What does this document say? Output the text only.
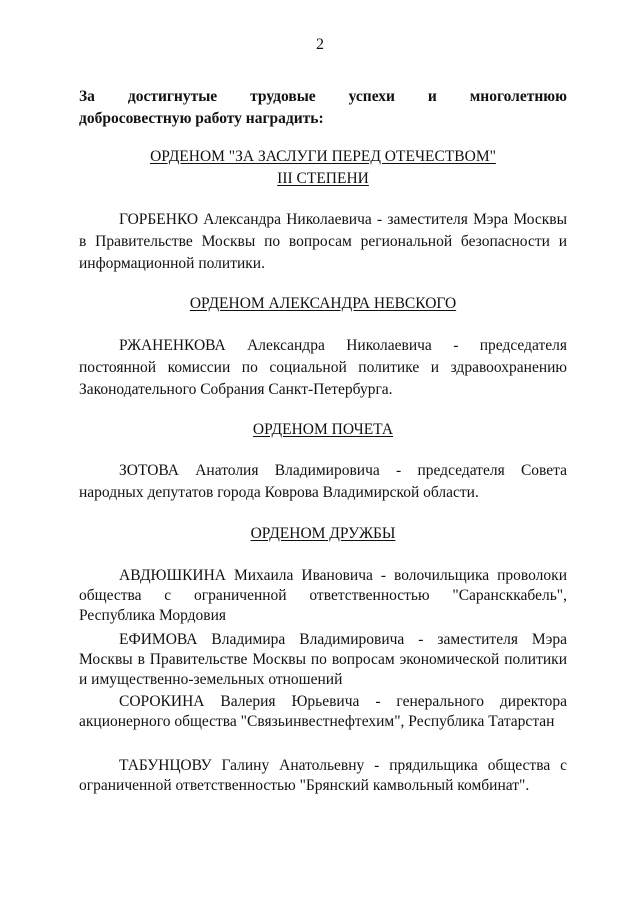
2
За достигнутые трудовые успехи и многолетнюю
добросовестную работу наградить:
ОРДЕНОМ "ЗА ЗАСЛУГИ ПЕРЕД ОТЕЧЕСТВОМ"
III СТЕПЕНИ

ГОРБЕНКО Александра Николаевича - заместителя Мэра Москвы в Правительстве Москвы по вопросам региональной безопасности и информационной политики.

ОРДЕНОМ АЛЕКСАНДРА НЕВСКОГО

РЖАНЕНКОВА Александра Николаевича - председателя постоянной комиссии по социальной политике и здравоохранению Законодательного Собрания Санкт-Петербурга.

ОРДЕНОМ ПОЧЕТА

ЗОТОВА Анатолия Владимировича - председателя Совета народных депутатов города Коврова Владимирской области.

ОРДЕНОМ ДРУЖБЫ

АВДЮШКИНА Михаила Ивановича - волочильщика проволоки общества с ограниченной ответственностью "Сарансккабель", Республика Мордовия

ЕФИМОВА Владимира Владимировича - заместителя Мэра Москвы в Правительстве Москвы по вопросам экономической политики и имущественно-земельных отношений

СОРОКИНА Валерия Юрьевича - генерального директора акционерного общества "Связьинвестнефтехим", Республика Татарстан

ТАБУНЦОВУ Галину Анатольевну - прядильщика общества с ограниченной ответственностью "Брянский камвольный комбинат".
